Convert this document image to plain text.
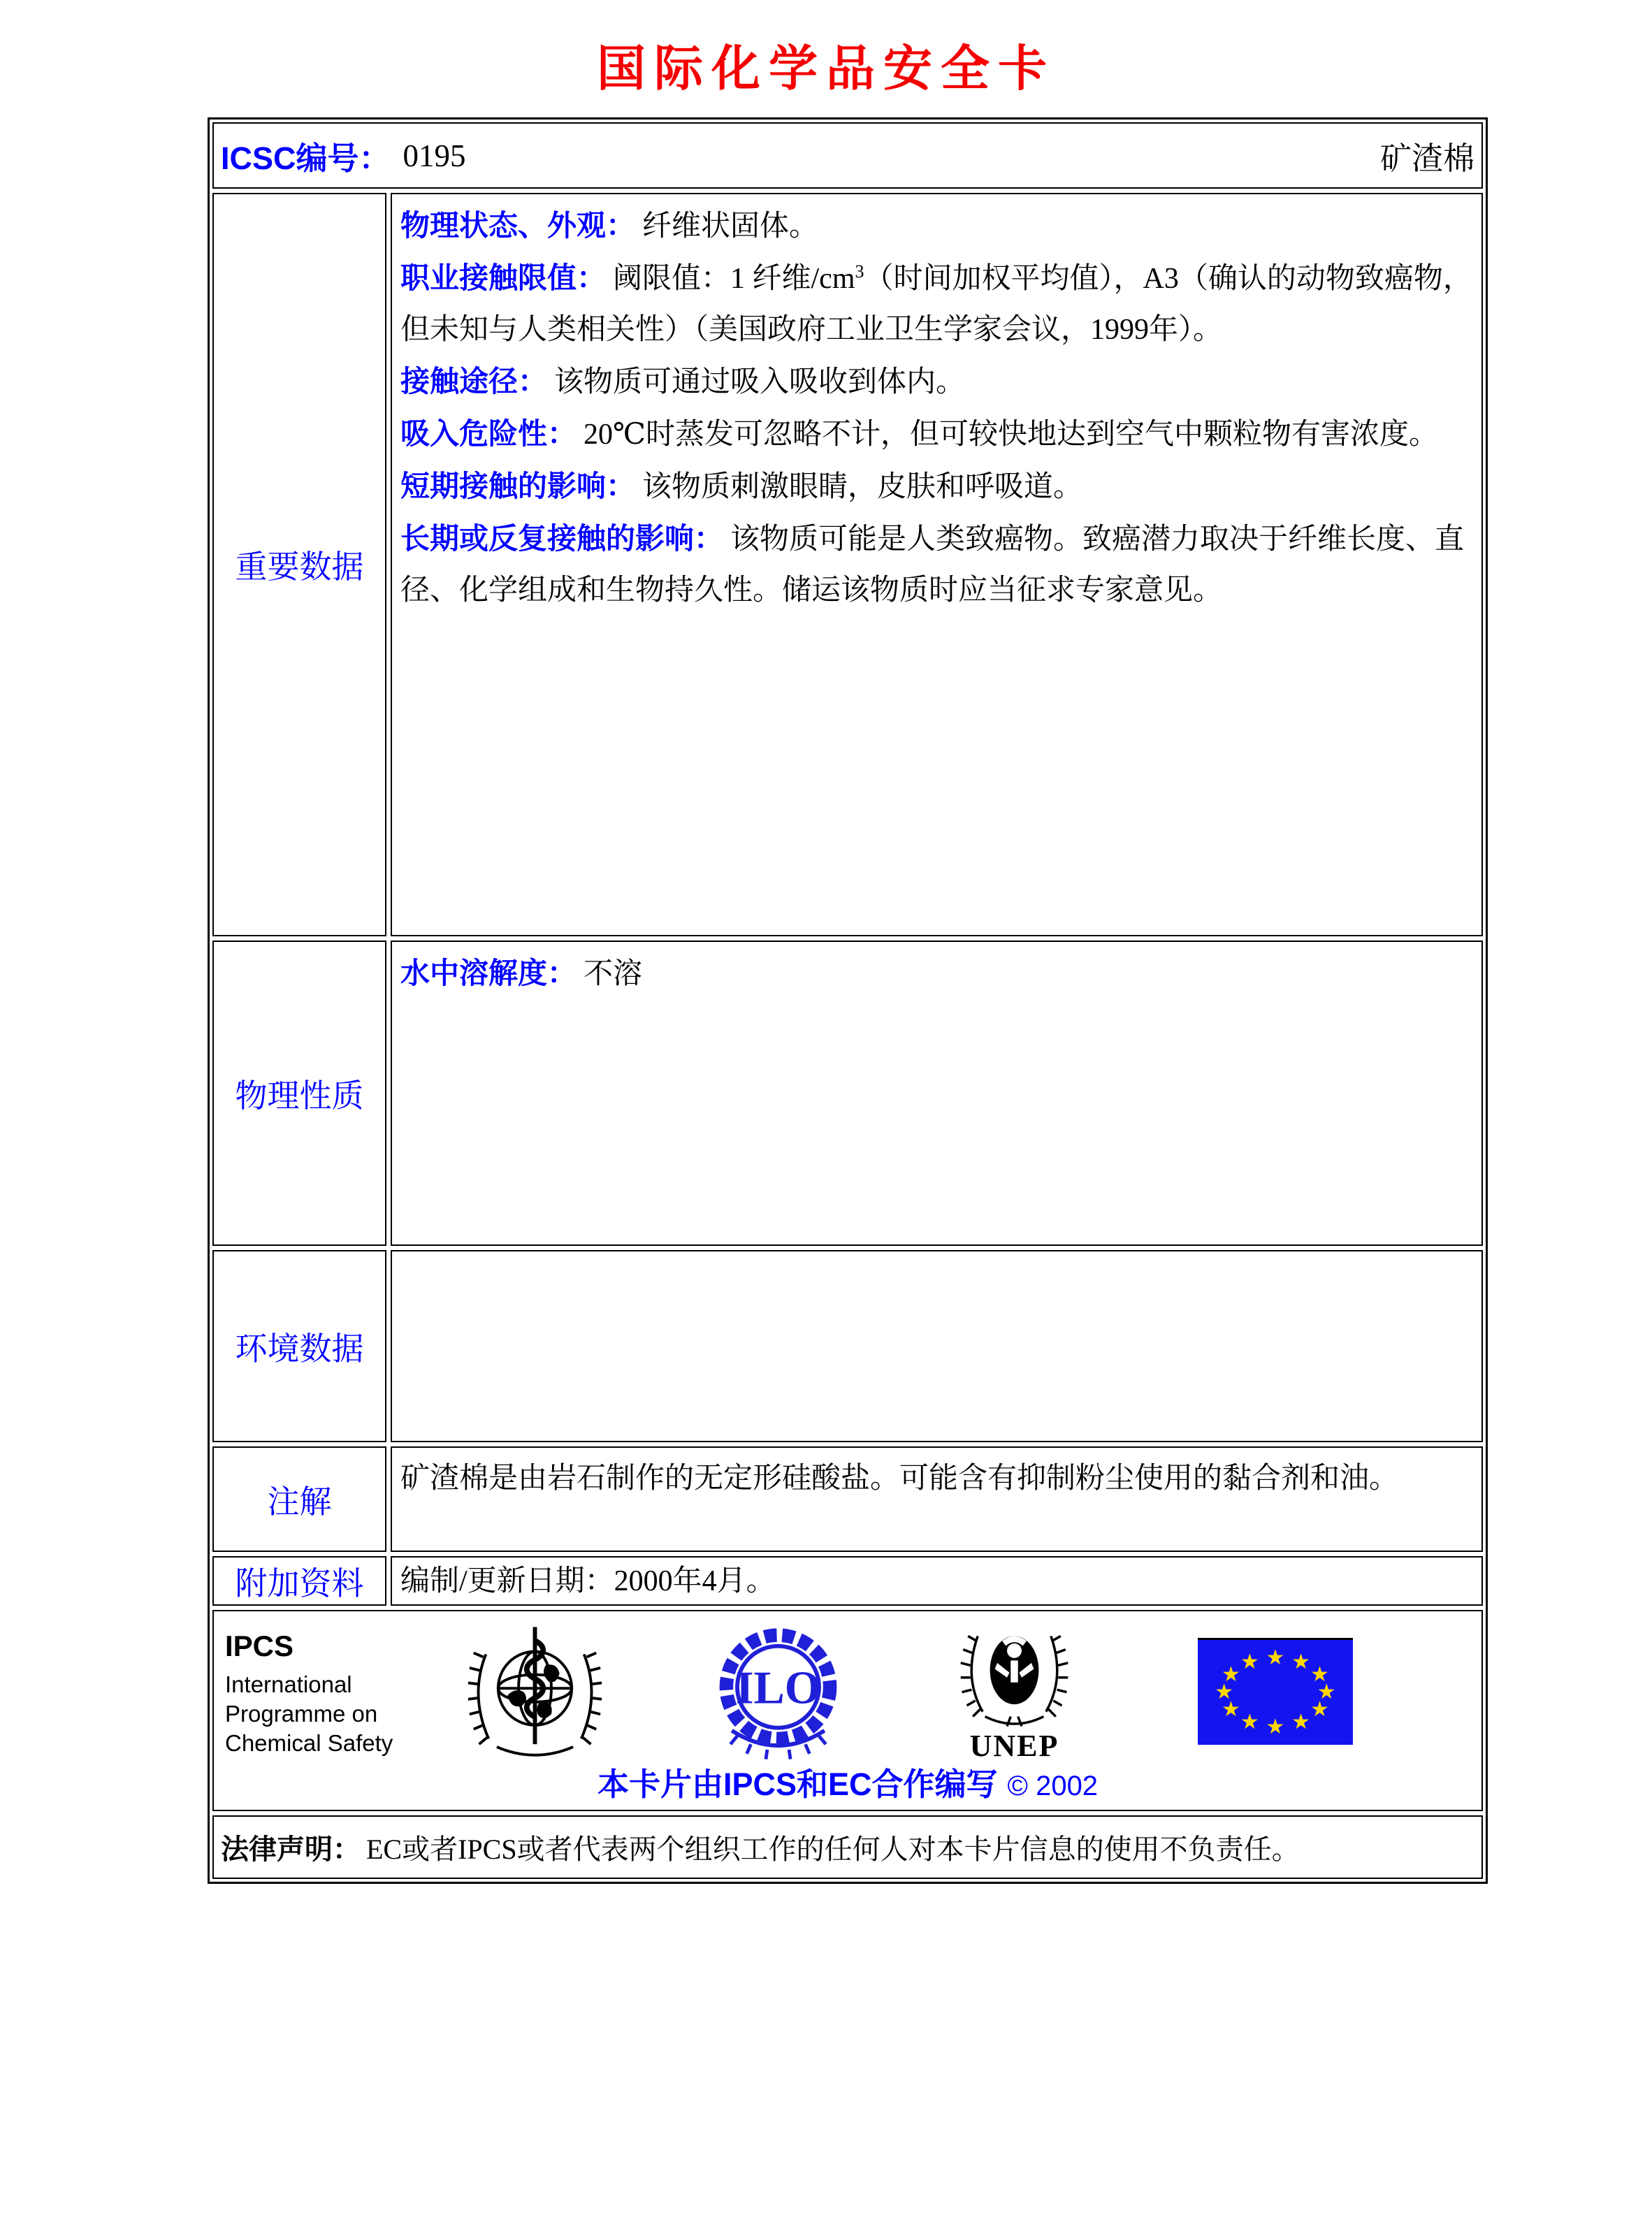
国际化学品安全卡
ICSC编号： 0195	矿渣棉
重要数据

物理状态、外观： 纤维状固体。

职业接触限值： 阈限值：1 纤维$/cm^3$（时间加权平均值），A3（确认的动物致癌物，但未知与人类相关性）（美国政府工业卫生学家会议，1999年）。

接触途径： 该物质可通过吸入吸收到体内。

吸入危险性： 20℃时蒸发可忽略不计，但可较快地达到空气中颗粒物有害浓度。

短期接触的影响： 该物质刺激眼睛，皮肤和呼吸道。

长期或反复接触的影响： 该物质可能是人类致癌物。致癌潜力取决于纤维长度、直径、化学组成和生物持久性。储运该物质时应当征求专家意见。

物理性质

水中溶解度： 不溶

环境数据
注解

矿渣棉是由岩石制作的无定形硅酸盐。可能含有抑制粉尘使用的黏合剂和油。

附加资料	编制/更新日期：2000年4月。

IPCS
International
Programme on
Chemical Safety
ILO
UNEP
★ ★
★
★
★
★
★
★
★
★
★
★
本卡片由IPCS和EC合作编写 © 2002
法律声明： EC或者IPCS或者代表两个组织工作的任何人对本卡片信息的使用不负责任。
